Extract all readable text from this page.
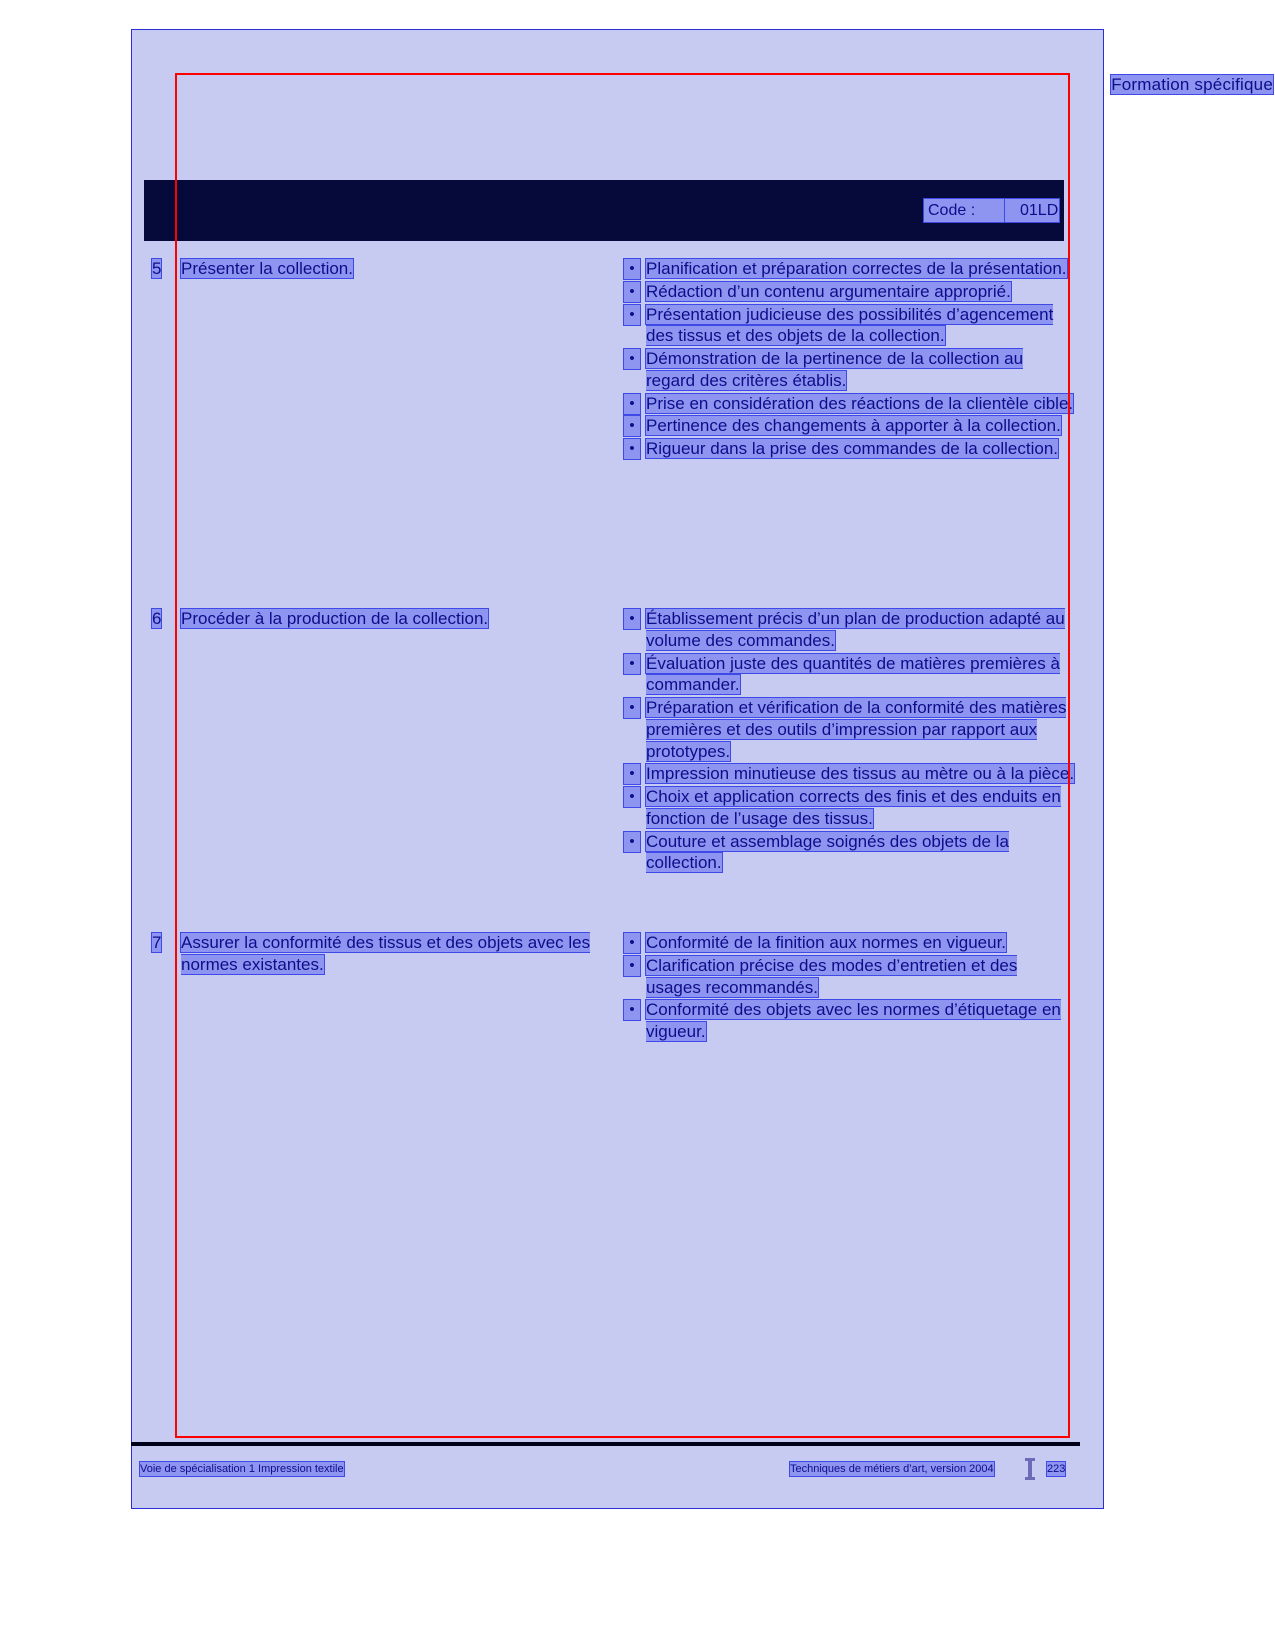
Formation spécifique
Code :	01LD
5	Présenter la collection.	• Planification et préparation correctes de la présentation.
• Rédaction d’un contenu argumentaire approprié.
• Présentation judicieuse des possibilités d’agencement des tissus et des objets de la collection.
• Démonstration de la pertinence de la collection au regard des critères établis.
• Prise en considération des réactions de la clientèle cible.
• Pertinence des changements à apporter à la collection.
• Rigueur dans la prise des commandes de la collection.
6	Procéder à la production de la collection.	• Établissement précis d’un plan de production adapté au volume des commandes.
• Évaluation juste des quantités de matières premières à commander.
• Préparation et vérification de la conformité des matières premières et des outils d’impression par rapport aux prototypes.
• Impression minutieuse des tissus au mètre ou à la pièce.
• Choix et application corrects des finis et des enduits en fonction de l’usage des tissus.
• Couture et assemblage soignés des objets de la collection.
7	Assurer la conformité des tissus et des objets avec les normes existantes.
• Conformité de la finition aux normes en vigueur.
• Clarification précise des modes d’entretien et des usages recommandés.
• Conformité des objets avec les normes d’étiquetage en vigueur.
Voie de spécialisation 1 Impression textile	Techniques de métiers d’art, version 2004	223
